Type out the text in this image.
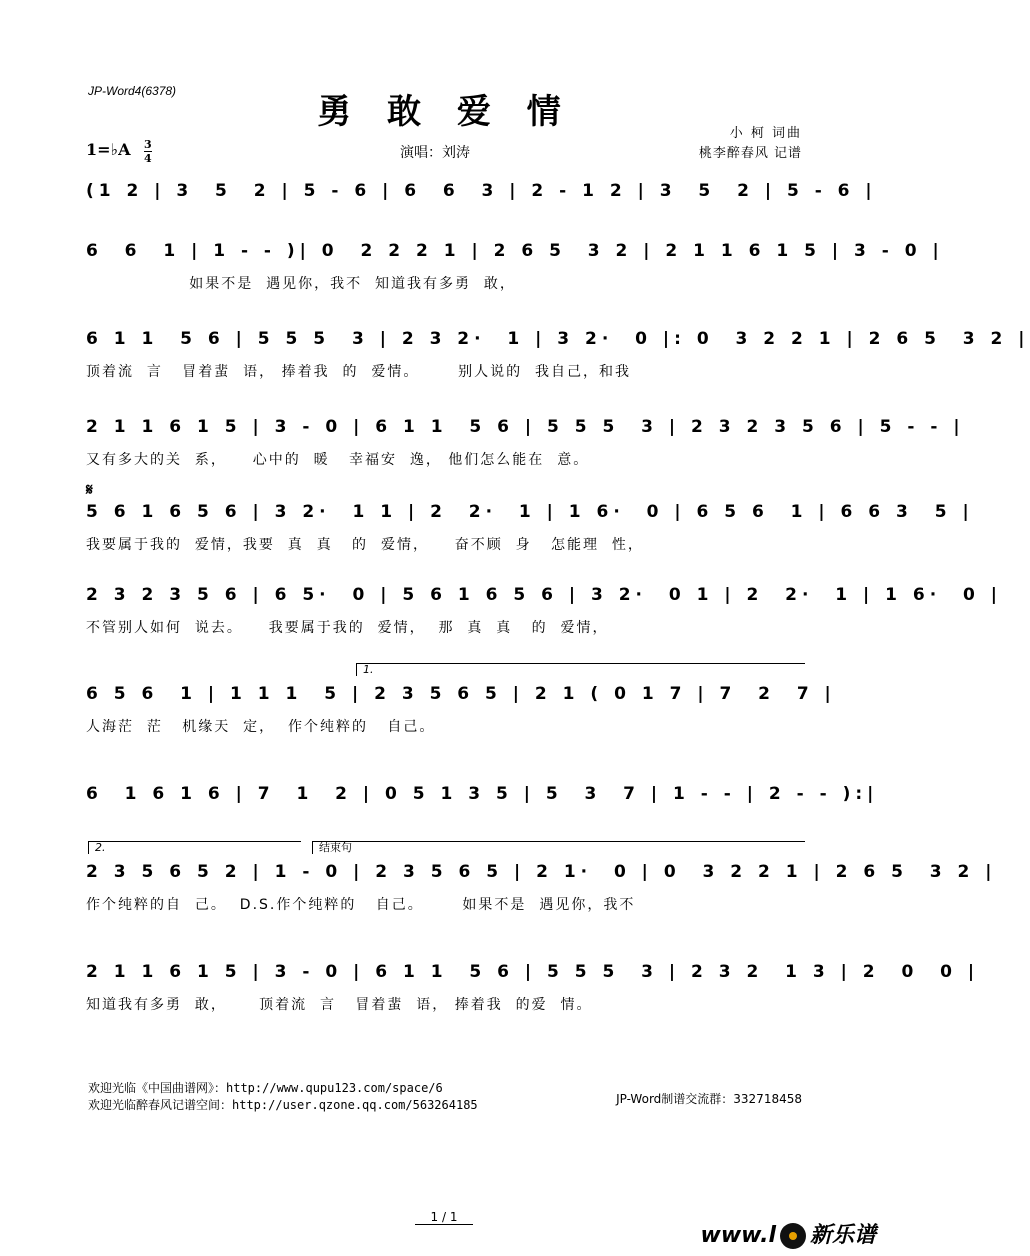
JP-Word4(6378)
勇 敢 爱 情
小 柯 词曲
桃李醉春风 记谱
演唱：刘涛
1=♭A $\frac{3}{4}$
(1 2 | 3  5  2 | 5 - 6 | 6  6  3 | 2 - 1 2 | 3  5  2 | 5 - 6 |
6  6  1 | 1 - - )| 0  2 2 2 1 | 2 6 5  3 2 | 2 1 1 6 1 5 | 3 - 0 |
如果不是  遇见你，我不  知道我有多勇  敢，
6 1 1  5 6 | 5 5 5  3 | 2 3 2·  1 | 3 2·  0 |: 0  3 2 2 1 | 2 6 5  3 2 |
顶着流  言   冒着蜚  语， 捧着我  的  爱情。      别人说的  我自己，和我
2 1 1 6 1 5 | 3 - 0 | 6 1 1  5 6 | 5 5 5  3 | 2 3 2 3 5 6 | 5 - - |
又有多大的关  系，    心中的  暖   幸福安  逸， 他们怎么能在  意。
𝄋
5 6 1 6 5 6 | 3 2·  1 1 | 2  2·  1 | 1 6·  0 | 6 5 6  1 | 6 6 3  5 |
我要属于我的  爱情，我要  真  真   的  爱情，    奋不顾  身   怎能理  性，
2 3 2 3 5 6 | 6 5·  0 | 5 6 1 6 5 6 | 3 2·  0 1 | 2  2·  1 | 1 6·  0 |
不管别人如何  说去。    我要属于我的  爱情，  那  真  真   的  爱情，
1.
6 5 6  1 | 1 1 1  5 | 2 3 5 6 5 | 2 1 ( 0 1 7 | 7  2  7 |
人海茫  茫   机缘天  定，  作个纯粹的   自己。
6  1 6 1 6 | 7  1  2 | 0 5 1 3 5 | 5  3  7 | 1 - - | 2 - - ):|
2.	结束句
2 3 5 6 5 2 | 1 - 0 | 2 3 5 6 5 | 2 1·  0 | 0  3 2 2 1 | 2 6 5  3 2 |
作个纯粹的自  己。  D.S.作个纯粹的   自己。      如果不是  遇见你，我不
2 1 1 6 1 5 | 3 - 0 | 6 1 1  5 6 | 5 5 5  3 | 2 3 2  1 3 | 2  0  0 |
知道我有多勇  敢，     顶着流  言   冒着蜚  语， 捧着我  的爱  情。
欢迎光临《中国曲谱网》：http://www.qupu123.com/space/6
欢迎光临醉春风记谱空间：http://user.qzone.qq.com/563264185	JP-Word制谱交流群：332718458
1 / 1
www.l 新乐谱
